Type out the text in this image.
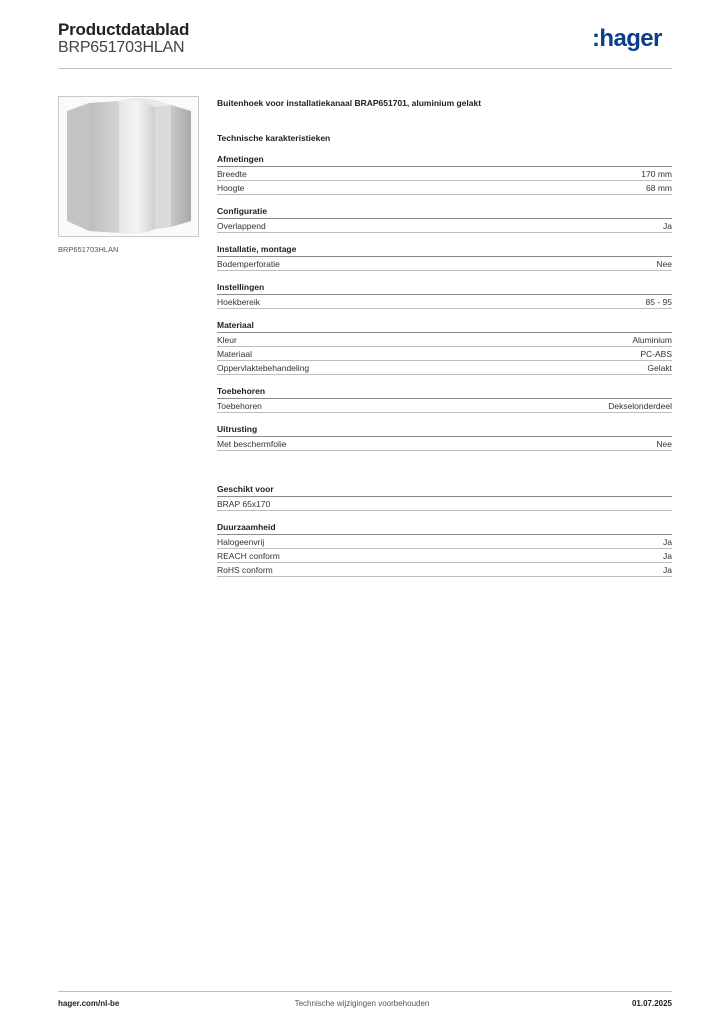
Productdatablad
BRP651703HLAN	:hager
BRP651703HLAN
Buitenhoek voor installatiekanaal BRAP651701, aluminium gelakt
Technische karakteristieken
Afmetingen
Breedte	170 mm
Hoogte	68 mm
Configuratie
Overlappend	Ja
Installatie, montage
Bodemperforatie	Nee
Instellingen
Hoekbereik	85 - 95
Materiaal
Kleur	Aluminium
Materiaal	PC-ABS
Oppervlaktebehandeling	Gelakt
Toebehoren
Toebehoren	Dekselonderdeel
Uitrusting
Met beschermfolie	Nee
Geschikt voor
BRAP 65x170
Duurzaamheid
Halogeenvrij	Ja
REACH conform	Ja
RoHS conform	Ja
Technische wijzigingen voorbehouden
hager.com/nl-be	01.07.2025
